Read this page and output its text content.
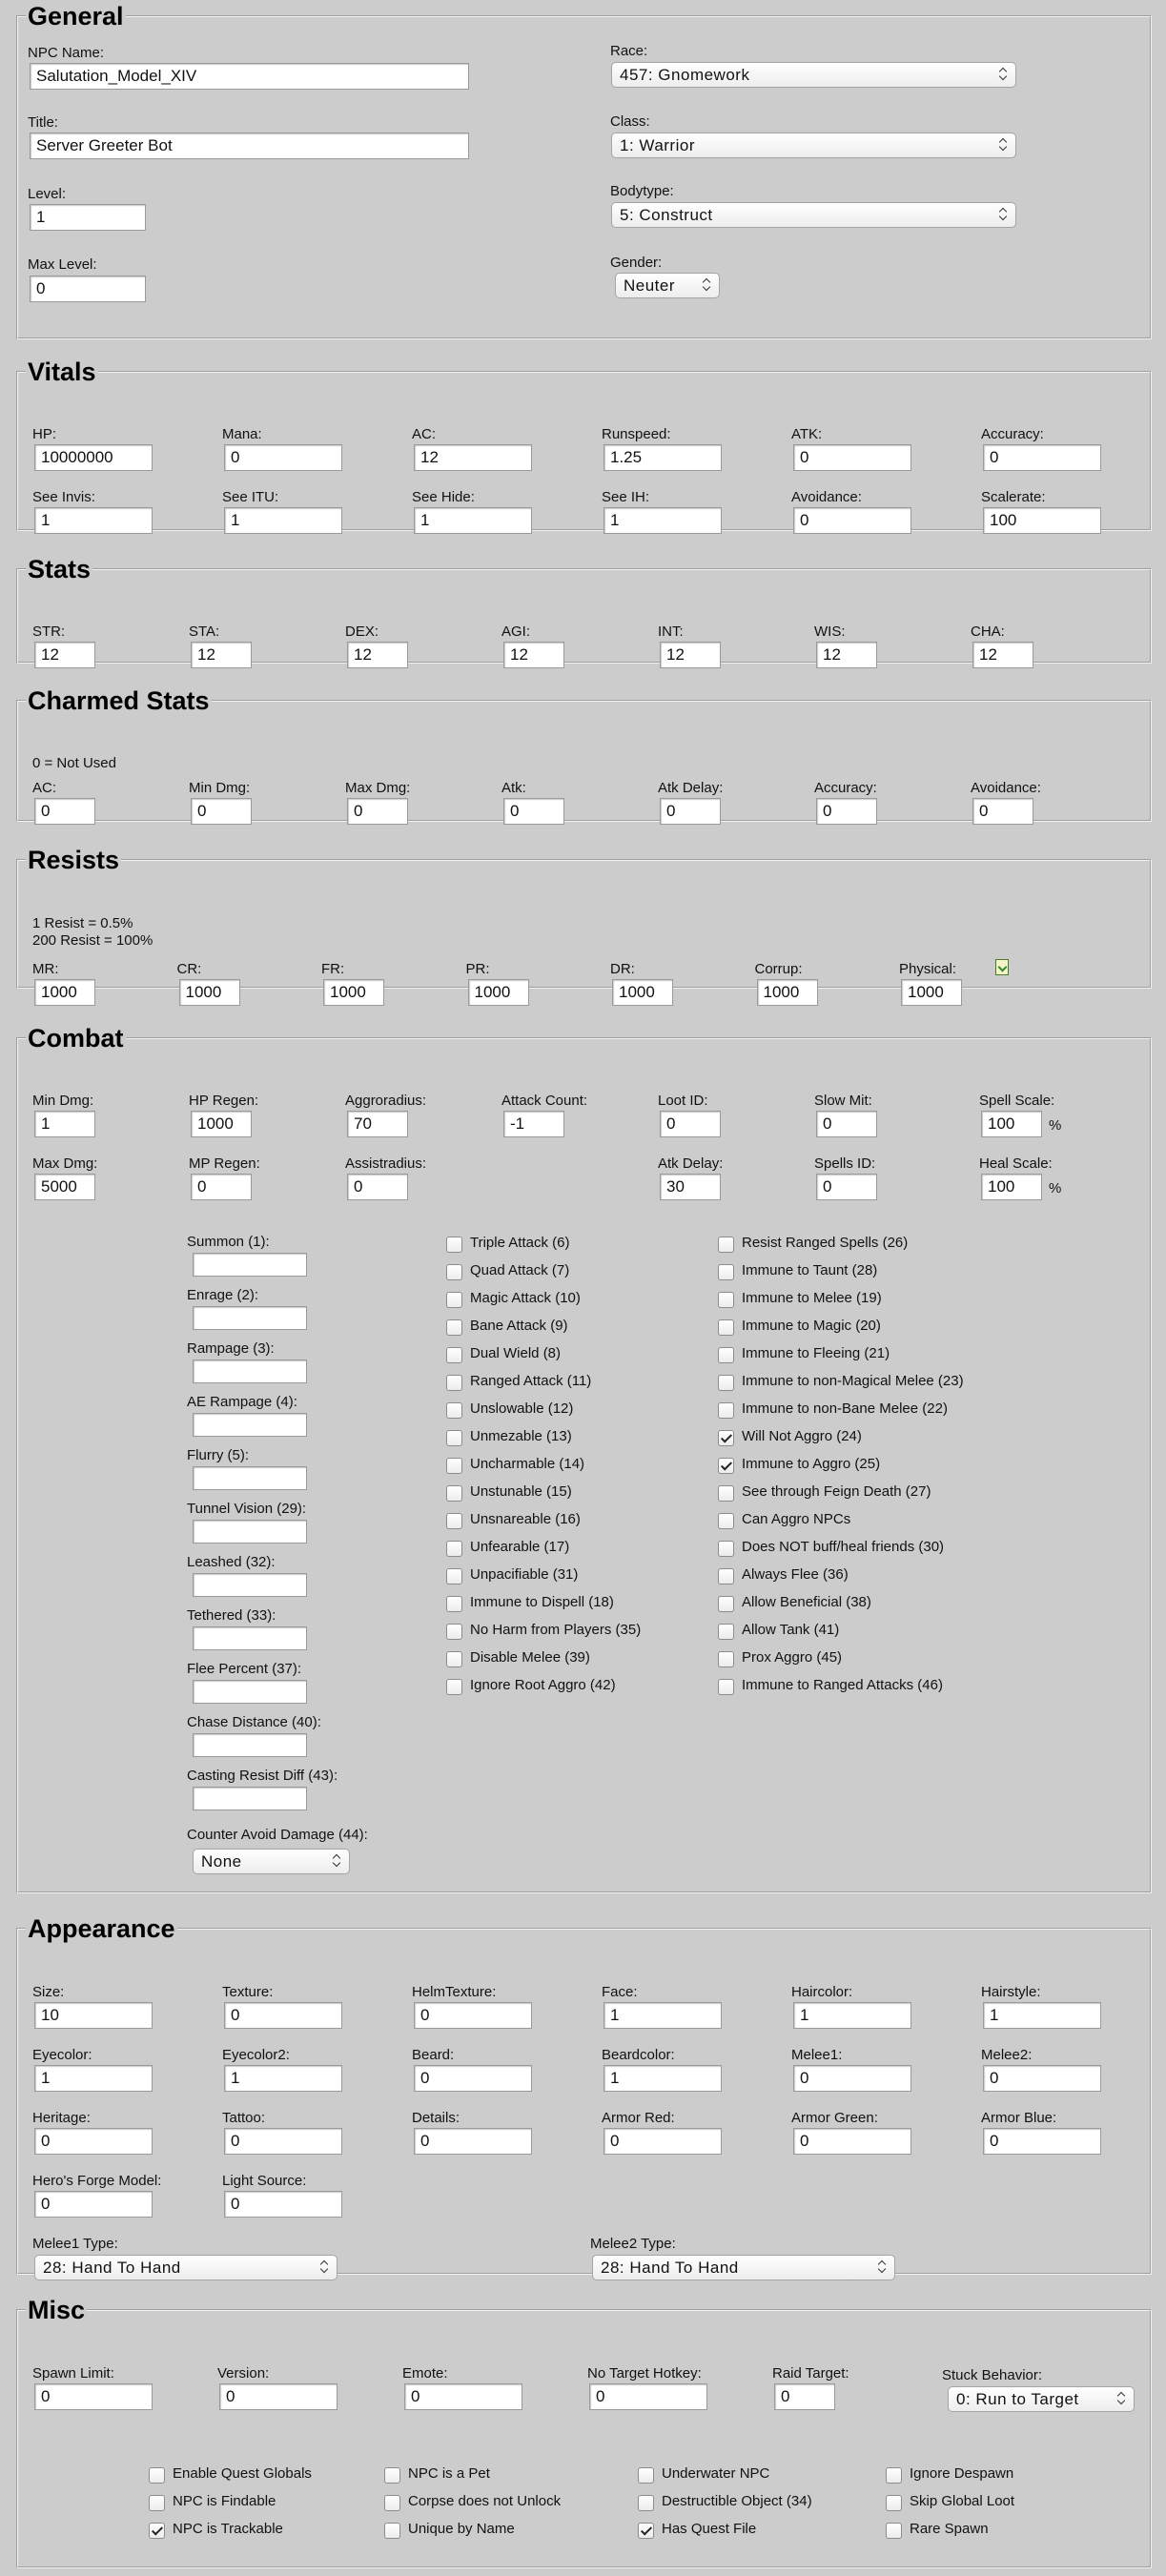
General
NPC Name:
Salutation_Model_XIV
Title:
Server Greeter Bot
Level:
1
Max Level:
0
Race:
457: Gnomework
Class:
1: Warrior
Bodytype:
5: Construct
Gender:
Neuter
Vitals
HP:
10000000
Mana:
0
AC:
12
Runspeed:
1.25
ATK:
0
Accuracy:
0
See Invis:
1
See ITU:
1
See Hide:
1
See IH:
1
Avoidance:
0
Scalerate:
100
Stats
STR:
12
STA:
12
DEX:
12
AGI:
12
INT:
12
WIS:
12
CHA:
12
Charmed Stats
0 = Not Used
AC:
0
Min Dmg:
0
Max Dmg:
0
Atk:
0
Atk Delay:
0
Accuracy:
0
Avoidance:
0
Resists
1 Resist = 0.5%
200 Resist = 100%
MR:
1000
CR:
1000
FR:
1000
PR:
1000
DR:
1000
Corrup:
1000
Physical:
1000
Combat
Min Dmg:
1
HP Regen:
1000
Aggroradius:
70
Attack Count:
-1
Loot ID:
0
Slow Mit:
0
Spell Scale:
100	%
Max Dmg:
5000
MP Regen:
0
Assistradius:
0
Atk Delay:
30
Spells ID:
0
Heal Scale:
100	%
Counter Avoid Damage (44):
None
Summon (1):
Enrage (2):
Rampage (3):
AE Rampage (4):
Flurry (5):
Tunnel Vision (29):
Leashed (32):
Tethered (33):
Flee Percent (37):
Chase Distance (40):
Casting Resist Diff (43):
Triple Attack (6)
Quad Attack (7)
Magic Attack (10)
Bane Attack (9)
Dual Wield (8)
Ranged Attack (11)
Unslowable (12)
Unmezable (13)
Uncharmable (14)
Unstunable (15)
Unsnareable (16)
Unfearable (17)
Unpacifiable (31)
Immune to Dispell (18)
No Harm from Players (35)
Disable Melee (39)
Ignore Root Aggro (42)
Resist Ranged Spells (26)
Immune to Taunt (28)
Immune to Melee (19)
Immune to Magic (20)
Immune to Fleeing (21)
Immune to non-Magical Melee (23)
Immune to non-Bane Melee (22)
Will Not Aggro (24)
Immune to Aggro (25)
See through Feign Death (27)
Can Aggro NPCs
Does NOT buff/heal friends (30)
Always Flee (36)
Allow Beneficial (38)
Allow Tank (41)
Prox Aggro (45)
Immune to Ranged Attacks (46)
Appearance
Melee1 Type:
28: Hand To Hand
Melee2 Type:
28: Hand To Hand
Size:
10
Texture:
0
HelmTexture:
0
Face:
1
Haircolor:
1
Hairstyle:
1
Eyecolor:
1
Eyecolor2:
1
Beard:
0
Beardcolor:
1
Melee1:
0
Melee2:
0
Heritage:
0
Tattoo:
0
Details:
0
Armor Red:
0
Armor Green:
0
Armor Blue:
0
Hero's Forge Model:
0
Light Source:
0
Misc
Spawn Limit:
0
Version:
0
Emote:
0
No Target Hotkey:
0
Raid Target:
0
Stuck Behavior:
0: Run to Target
Enable Quest Globals
NPC is Findable
NPC is Trackable
NPC is a Pet
Corpse does not Unlock
Unique by Name
Underwater NPC
Destructible Object (34)
Has Quest File
Ignore Despawn
Skip Global Loot
Rare Spawn
